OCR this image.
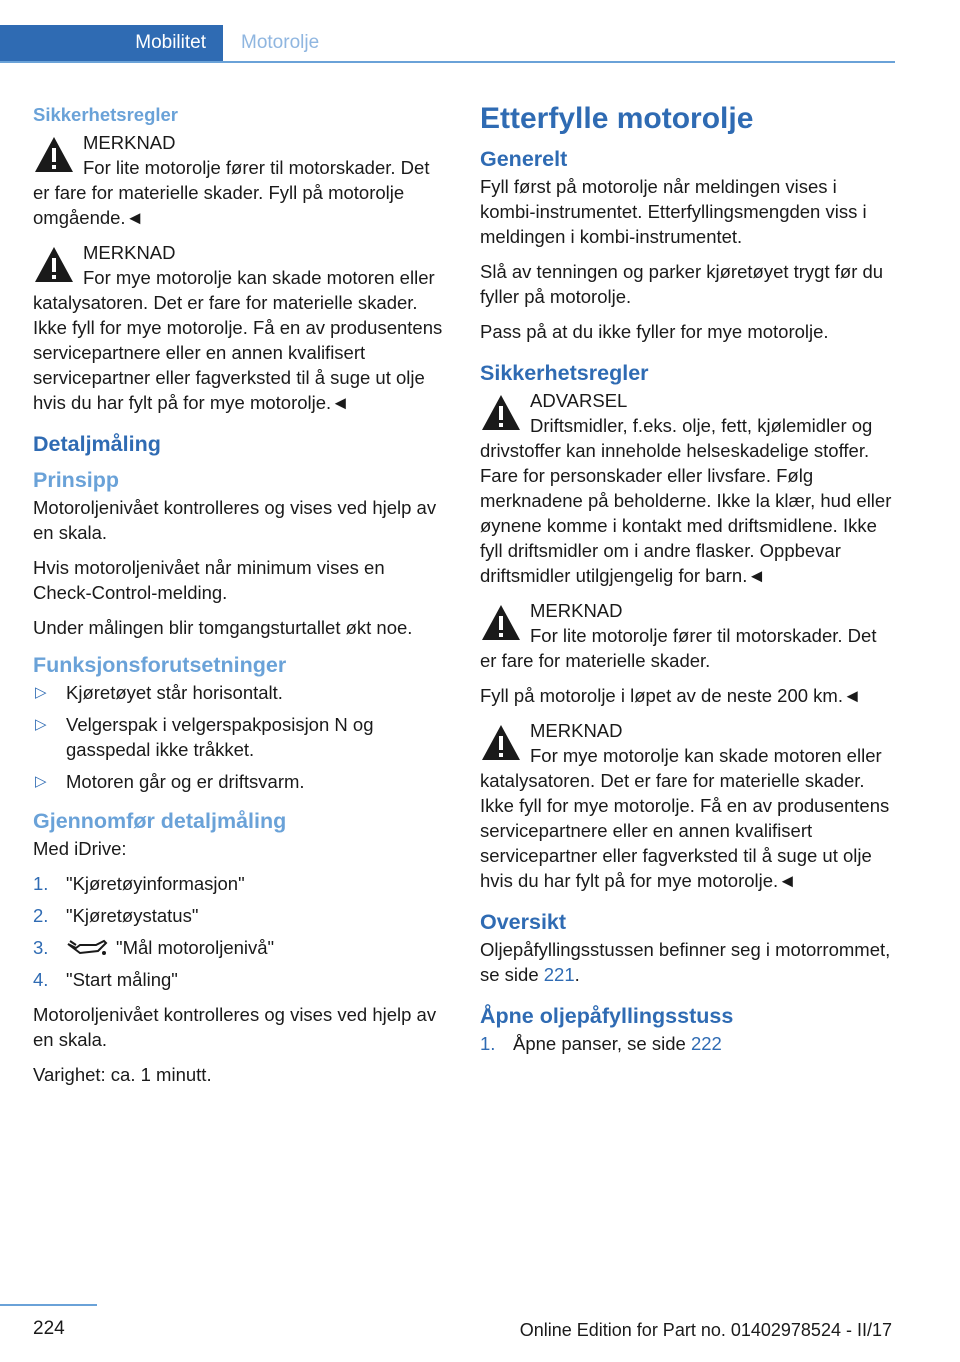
Mobilitet	Motorolje
Sikkerhetsregler
MERKNAD
For lite motorolje fører til motorskader. Det er fare for materielle skader. Fyll på motorolje omgående.◄
MERKNAD
For mye motorolje kan skade motoren eller katalysatoren. Det er fare for materielle skader. Ikke fyll for mye motorolje. Få en av produsentens servicepartnere eller en annen kvalifisert servicepartner eller fagverksted til å suge ut olje hvis du har fylt på for mye motorolje.◄
Detaljmåling
Prinsipp

Motoroljenivået kontrolleres og vises ved hjelp av en skala.

Hvis motoroljenivået når minimum vises en Check-Control-melding.

Under målingen blir tomgangsturtallet økt noe.

Funksjonsforutsetninger
▷ Kjøretøyet står horisontalt.
▷ Velgerspak i velgerspakposisjon N og gasspedal ikke tråkket.
▷ Motoren går og er driftsvarm.
Gjennomfør detaljmåling

Med iDrive:

1. "Kjøretøyinformasjon"
2. "Kjøretøystatus"
3.	"Mål motoroljenivå"
4. "Start måling"

Motoroljenivået kontrolleres og vises ved hjelp av en skala.

Varighet: ca. 1 minutt.

Etterfylle motorolje
Generelt

Fyll først på motorolje når meldingen vises i kombi-instrumentet. Etterfyllingsmengden viss i meldingen i kombi-instrumentet.

Slå av tenningen og parker kjøretøyet trygt før du fyller på motorolje.

Pass på at du ikke fyller for mye motorolje.

Sikkerhetsregler
ADVARSEL
Driftsmidler, f.eks. olje, fett, kjølemidler og drivstoffer kan inneholde helseskadelige stoffer. Fare for personskader eller livsfare. Følg merknadene på beholderne. Ikke la klær, hud eller øynene komme i kontakt med driftsmidlene. Ikke fyll driftsmidler om i andre flasker. Oppbevar driftsmidler utilgjengelig for barn.◄
MERKNAD
For lite motorolje fører til motorskader. Det er fare for materielle skader.

Fyll på motorolje i løpet av de neste 200 km.◄

MERKNAD
For mye motorolje kan skade motoren eller katalysatoren. Det er fare for materielle skader. Ikke fyll for mye motorolje. Få en av produsentens servicepartnere eller en annen kvalifisert servicepartner eller fagverksted til å suge ut olje hvis du har fylt på for mye motorolje.◄
Oversikt

Oljepåfyllingsstussen befinner seg i motorrommet, se side 221.

Åpne oljepåfyllingsstuss
1. Åpne panser, se side 222
224	Online Edition for Part no. 01402978524 - II/17
